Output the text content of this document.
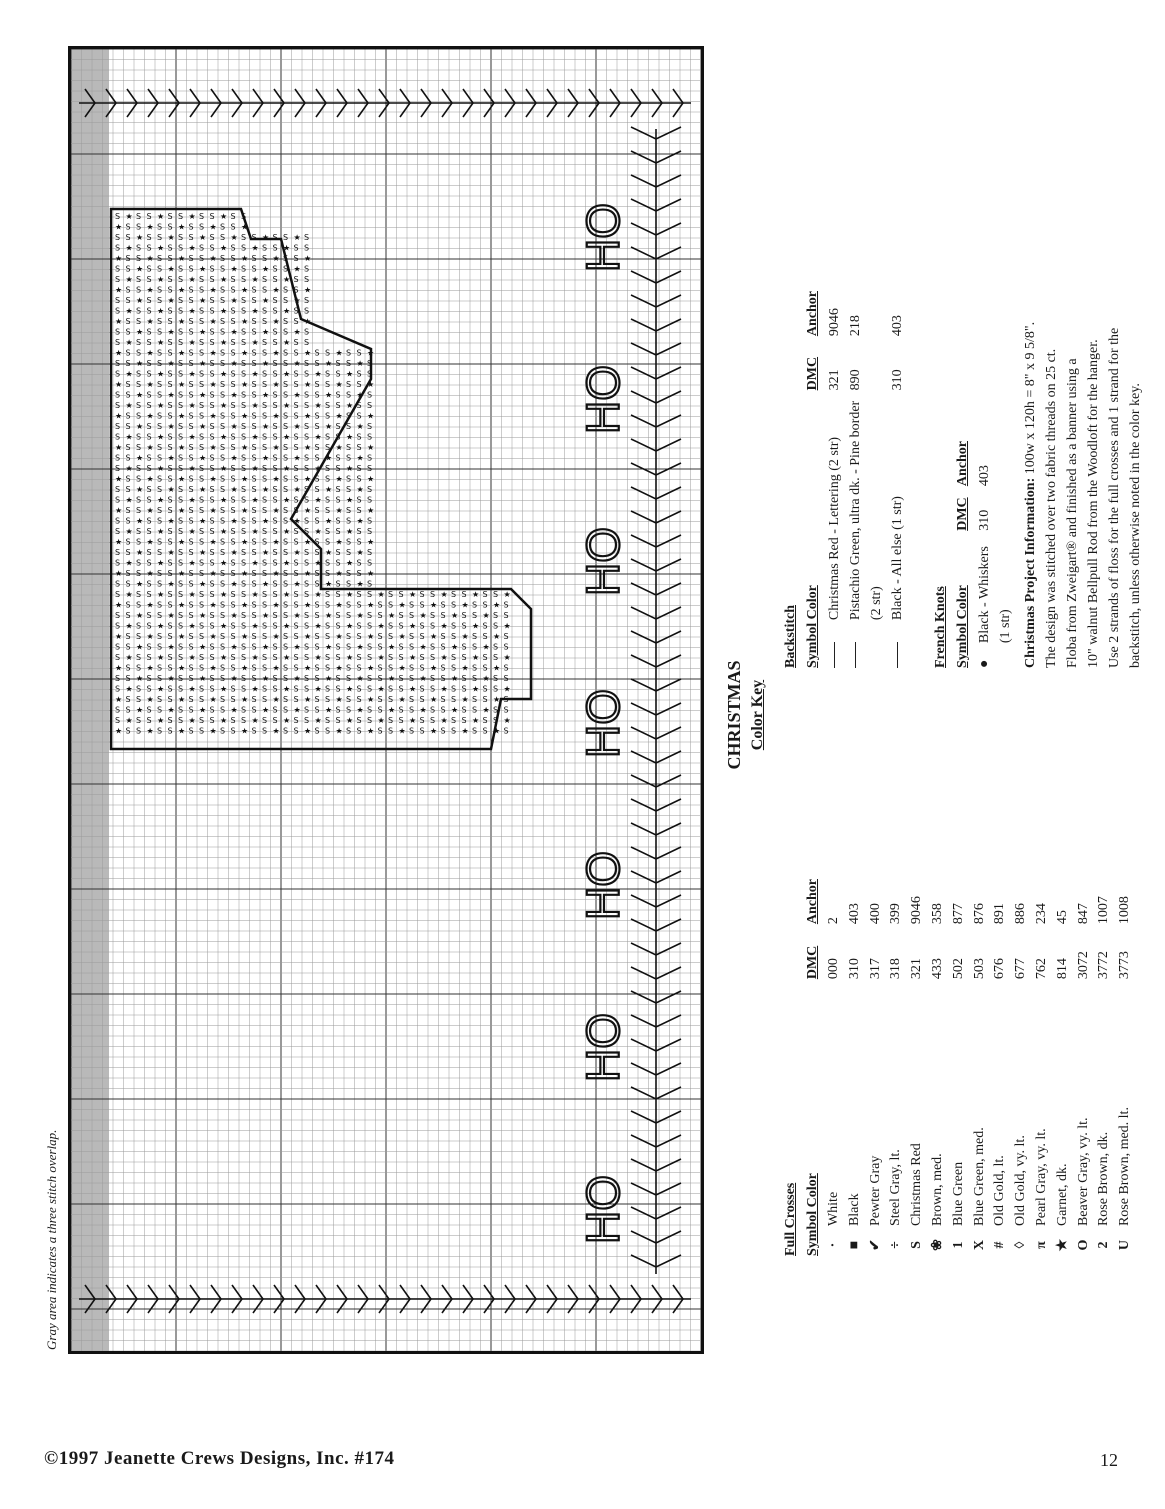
HO
HO
HO
HO
HO
HO
HO
S ★ S S ★ S S ★ S S ★ S S
★ S S ★ S S ★ S S ★ S S ★
S S ★ S S ★ S S ★ S S ★ S S ★ S S ★ S
S ★ S S ★ S S ★ S S ★ S S ★ S S ★ S S
★ S S ★ S S ★ S S ★ S S ★ S S ★ S S ★
S S ★ S S ★ S S ★ S S ★ S S ★ S S ★ S
S ★ S S ★ S S ★ S S ★ S S ★ S S ★ S S
★ S S ★ S S ★ S S ★ S S ★ S S ★ S S ★
S S ★ S S ★ S S ★ S S ★ S S ★ S S ★ S
S ★ S S ★ S S ★ S S ★ S S ★ S S ★ S S
★ S S ★ S S ★ S S ★ S S ★ S S ★ S S ★
S S ★ S S ★ S S ★ S S ★ S S ★ S S ★ S
S ★ S S ★ S S ★ S S ★ S S ★ S S ★ S S
★ S S ★ S S ★ S S ★ S S ★ S S ★ S S ★ S S ★ S S ★
S S ★ S S ★ S S ★ S S ★ S S ★ S S ★ S S ★ S S ★ S
S ★ S S ★ S S ★ S S ★ S S ★ S S ★ S S ★ S S ★ S S
★ S S ★ S S ★ S S ★ S S ★ S S ★ S S ★ S S ★ S S ★
S S ★ S S ★ S S ★ S S ★ S S ★ S S ★ S S ★ S S ★ S
S ★ S S ★ S S ★ S S ★ S S ★ S S ★ S S ★ S S ★ S S
★ S S ★ S S ★ S S ★ S S ★ S S ★ S S ★ S S ★ S S ★
S S ★ S S ★ S S ★ S S ★ S S ★ S S ★ S S ★ S S ★ S
S ★ S S ★ S S ★ S S ★ S S ★ S S ★ S S ★ S S ★ S S
★ S S ★ S S ★ S S ★ S S ★ S S ★ S S ★ S S ★ S S ★
S S ★ S S ★ S S ★ S S ★ S S ★ S S ★ S S ★ S S ★ S
S ★ S S ★ S S ★ S S ★ S S ★ S S ★ S S ★ S S ★ S S
★ S S ★ S S ★ S S ★ S S ★ S S ★ S S ★ S S ★ S S ★
S S ★ S S ★ S S ★ S S ★ S S ★ S S ★ S S ★ S S ★ S
S ★ S S ★ S S ★ S S ★ S S ★ S S ★ S S ★ S S ★ S S
★ S S ★ S S ★ S S ★ S S ★ S S ★ S S ★ S S ★ S S ★
S S ★ S S ★ S S ★ S S ★ S S ★ S S ★ S S ★ S S ★ S
S ★ S S ★ S S ★ S S ★ S S ★ S S ★ S S ★ S S ★ S S
★ S S ★ S S ★ S S ★ S S ★ S S ★ S S ★ S S ★ S S ★
S S ★ S S ★ S S ★ S S ★ S S ★ S S ★ S S ★ S S ★ S
S ★ S S ★ S S ★ S S ★ S S ★ S S ★ S S ★ S S ★ S S
★ S S ★ S S ★ S S ★ S S ★ S S ★ S S ★ S S ★ S S ★
S S ★ S S ★ S S ★ S S ★ S S ★ S S ★ S S ★ S S ★ S
S ★ S S ★ S S ★ S S ★ S S ★ S S ★ S S ★ S S ★ S S ★ S S ★ S S ★ S S ★ S S ★
★ S S ★ S S ★ S S ★ S S ★ S S ★ S S ★ S S ★ S S ★ S S ★ S S ★ S S ★ S S ★ S
S S ★ S S ★ S S ★ S S ★ S S ★ S S ★ S S ★ S S ★ S S ★ S S ★ S S ★ S S ★ S S
S ★ S S ★ S S ★ S S ★ S S ★ S S ★ S S ★ S S ★ S S ★ S S ★ S S ★ S S ★ S S ★
★ S S ★ S S ★ S S ★ S S ★ S S ★ S S ★ S S ★ S S ★ S S ★ S S ★ S S ★ S S ★ S
S S ★ S S ★ S S ★ S S ★ S S ★ S S ★ S S ★ S S ★ S S ★ S S ★ S S ★ S S ★ S S
S ★ S S ★ S S ★ S S ★ S S ★ S S ★ S S ★ S S ★ S S ★ S S ★ S S ★ S S ★ S S ★
★ S S ★ S S ★ S S ★ S S ★ S S ★ S S ★ S S ★ S S ★ S S ★ S S ★ S S ★ S S ★ S
S S ★ S S ★ S S ★ S S ★ S S ★ S S ★ S S ★ S S ★ S S ★ S S ★ S S ★ S S ★ S S
S ★ S S ★ S S ★ S S ★ S S ★ S S ★ S S ★ S S ★ S S ★ S S ★ S S ★ S S ★ S S ★
★ S S ★ S S ★ S S ★ S S ★ S S ★ S S ★ S S ★ S S ★ S S ★ S S ★ S S ★ S S ★ S
S S ★ S S ★ S S ★ S S ★ S S ★ S S ★ S S ★ S S ★ S S ★ S S ★ S S ★ S S ★ S S
S ★ S S ★ S S ★ S S ★ S S ★ S S ★ S S ★ S S ★ S S ★ S S ★ S S ★ S S ★ S S ★
★ S S ★ S S ★ S S ★ S S ★ S S ★ S S ★ S S ★ S S ★ S S ★ S S ★ S S ★ S S ★ S
Gray area indicates a three stitch overlap.
CHRISTMAS Color Key
Full Crosses Symbol Color		DMC	Anchor
·	White	000	2
■	Black	310	403
✔	Pewter Gray	317	400
÷	Steel Gray, lt.	318	399
S	Christmas Red	321	9046
❀	Brown, med.	433	358
1	Blue Green	502	877
X	Blue Green, med.	503	876
#	Old Gold, lt.	676	891
◊	Old Gold, vy. lt.	677	886
π	Pearl Gray, vy. lt.	762	234
★	Garnet, dk.	814	45
O	Beaver Gray, vy. lt.	3072	847
2	Rose Brown, dk.	3772	1007
U	Rose Brown, med. lt.	3773	1008
Backstitch Symbol Color		DMC	Anchor
	Christmas Red - Lettering (2 str)	321	9046
	Pistachio Green, ultra dk. - Pine border (2 str)	890	218
	Black - All else (1 str)	310	403
French Knots Symbol Color		DMC	Anchor
●	Black - Whiskers (1 str)	310	403
Christmas Project Information: 100w x 120h = 8" x 9 5/8". The design was stitched over two fabric threads on 25 ct. Floba from Zweigart® and finished as a banner using a 10" walnut Bellpull Rod from the Woodloft for the hanger. Use 2 strands of floss for the full crosses and 1 strand for the backstitch, unless otherwise noted in the color key.
©1997 Jeanette Crews Designs, Inc. #174	12
